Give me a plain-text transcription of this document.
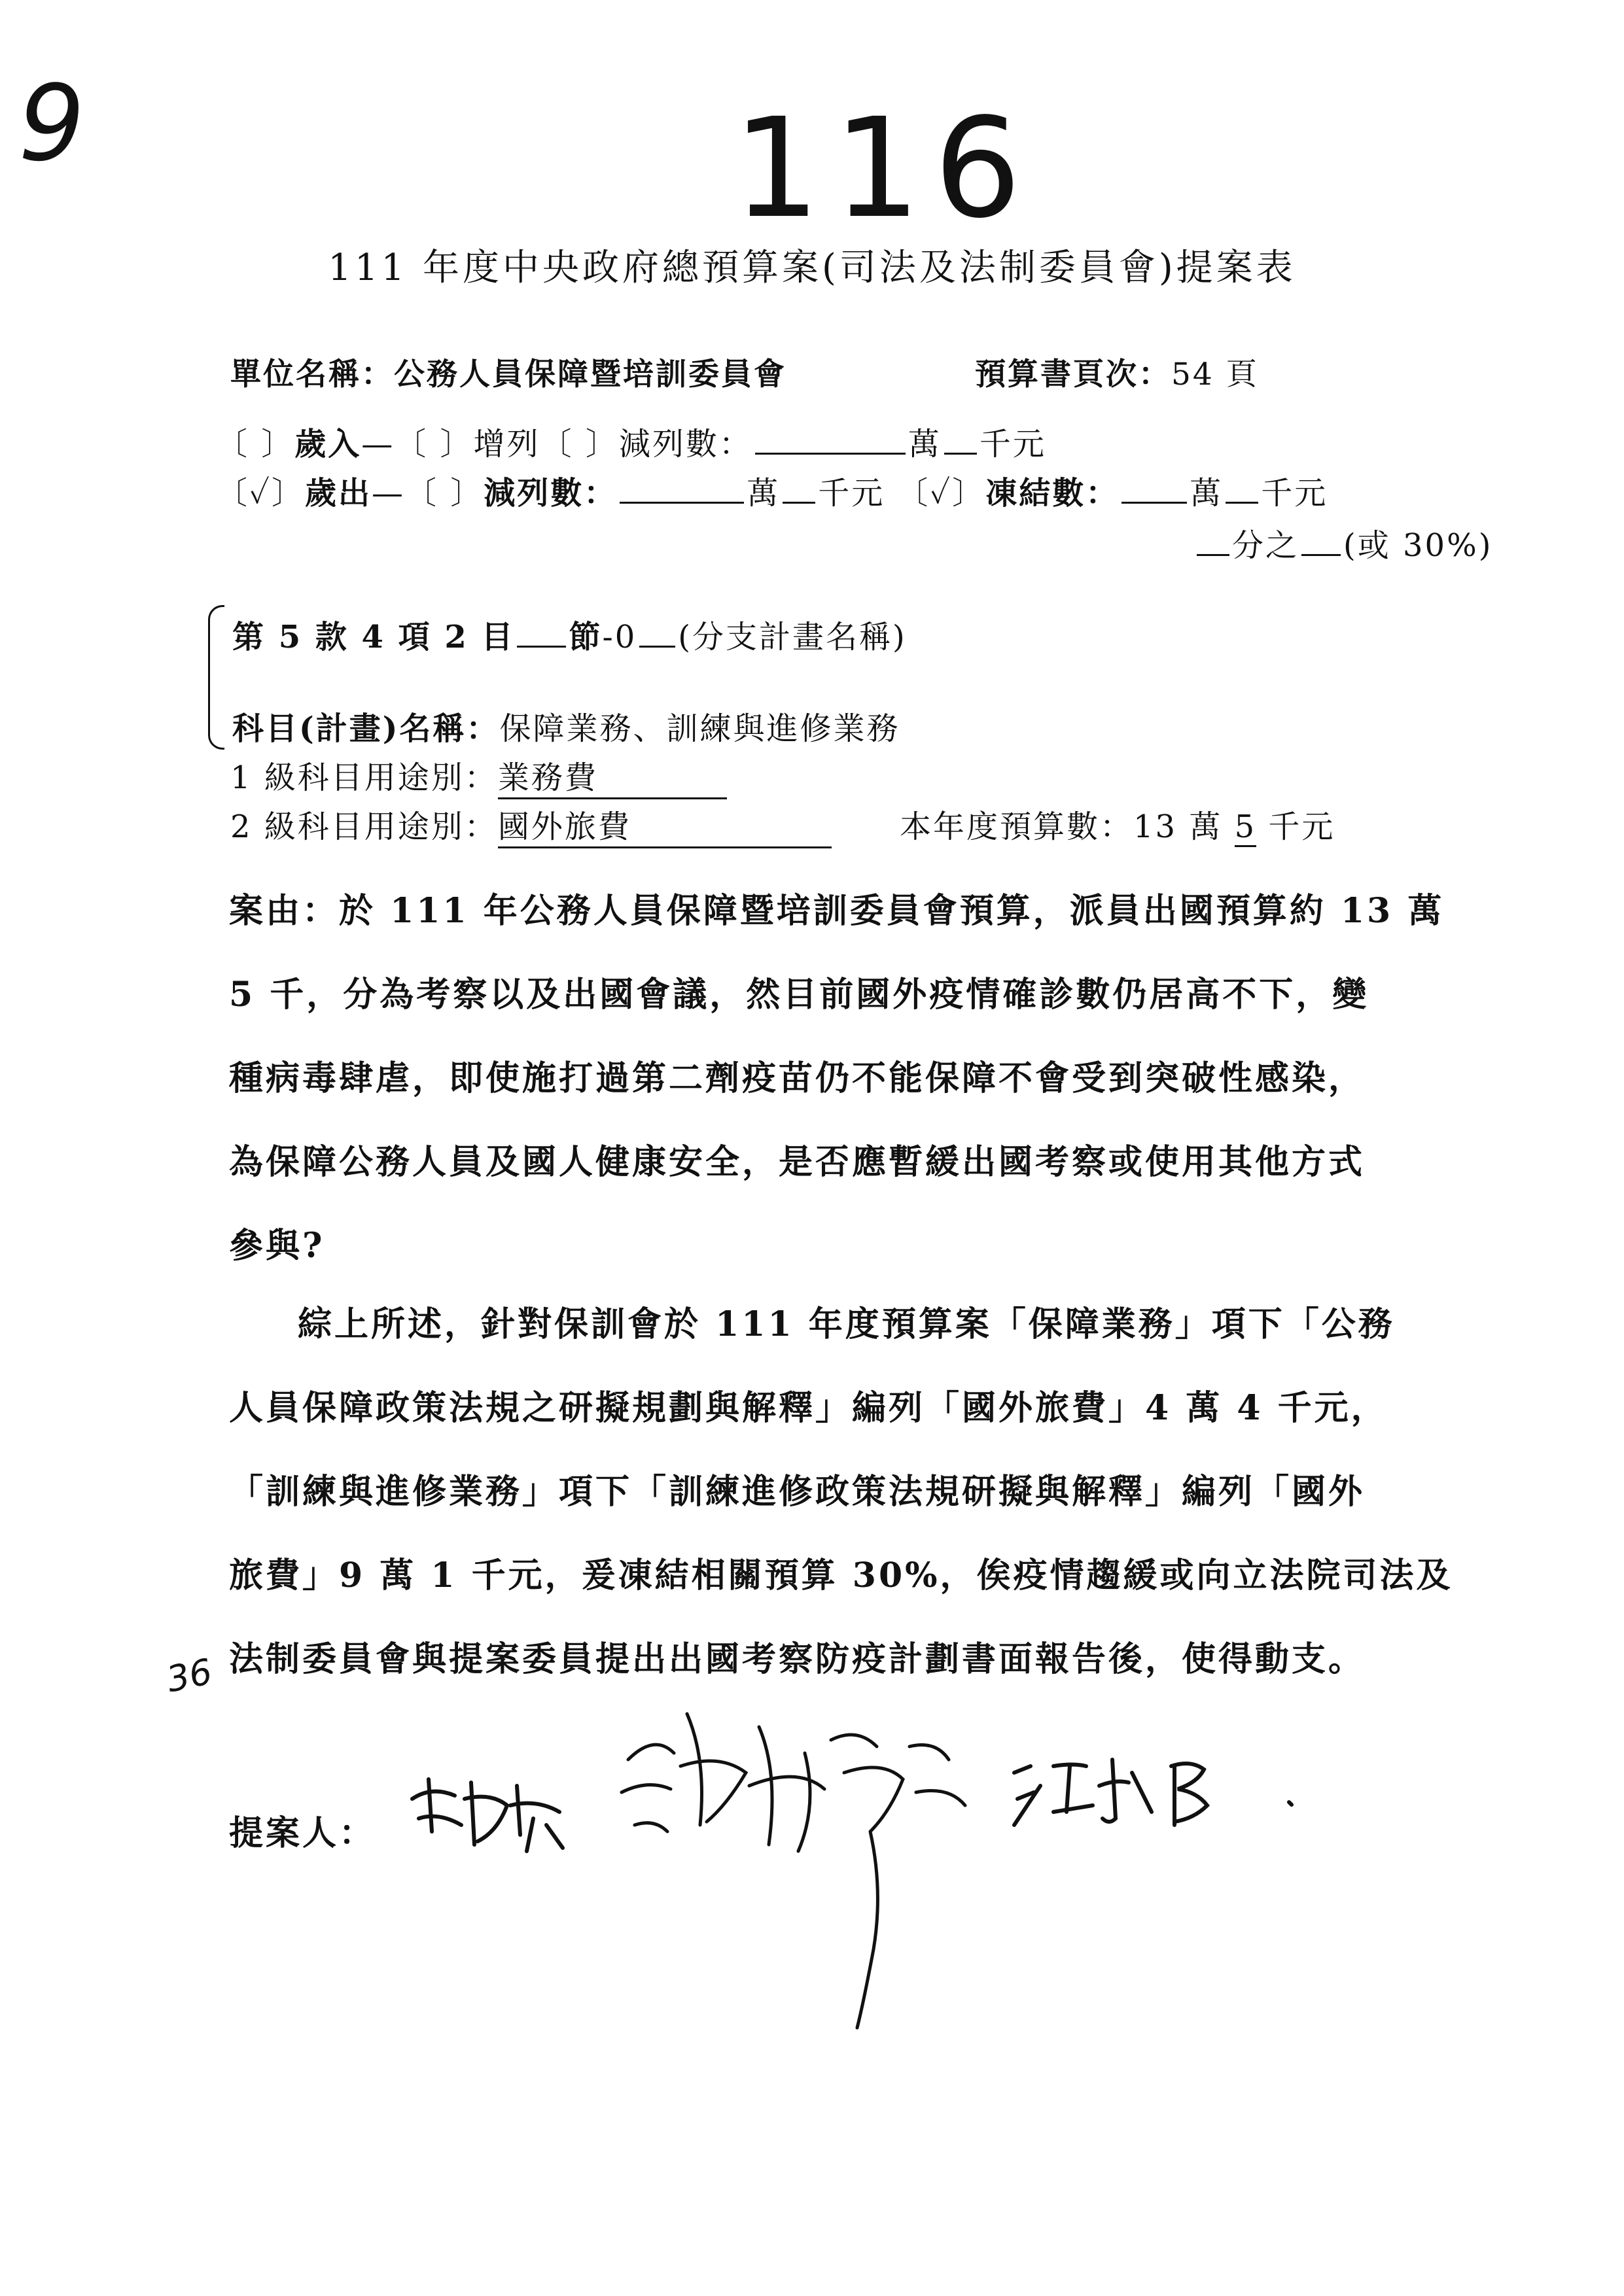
9	116
36
111 年度中央政府總預算案(司法及法制委員會)提案表
單位名稱：公務人員保障暨培訓委員會	預算書頁次：54 頁
〔 〕歲入—〔 〕增列〔 〕減列數：	萬 千元
〔✓〕歲出—〔 〕減列數：	萬 千元 〔✓〕凍結數： 萬 千元
分之 (或 30%)
第 5 款 4 項 2 目 節-0 (分支計畫名稱)
科目(計畫)名稱：保障業務、訓練與進修業務
1 級科目用途別：業務費
2 級科目用途別：國外旅費	本年度預算數：13 萬 5 千元
案由：於 111 年公務人員保障暨培訓委員會預算，派員出國預算約 13 萬
5 千，分為考察以及出國會議，然目前國外疫情確診數仍居高不下，變
種病毒肆虐，即使施打過第二劑疫苗仍不能保障不會受到突破性感染，
為保障公務人員及國人健康安全，是否應暫緩出國考察或使用其他方式
參與?
綜上所述，針對保訓會於 111 年度預算案「保障業務」項下「公務
人員保障政策法規之研擬規劃與解釋」編列「國外旅費」4 萬 4 千元，
「訓練與進修業務」項下「訓練進修政策法規研擬與解釋」編列「國外
旅費」9 萬 1 千元，爰凍結相關預算 30%，俟疫情趨緩或向立法院司法及
法制委員會與提案委員提出出國考察防疫計劃書面報告後，使得動支。
提案人：
